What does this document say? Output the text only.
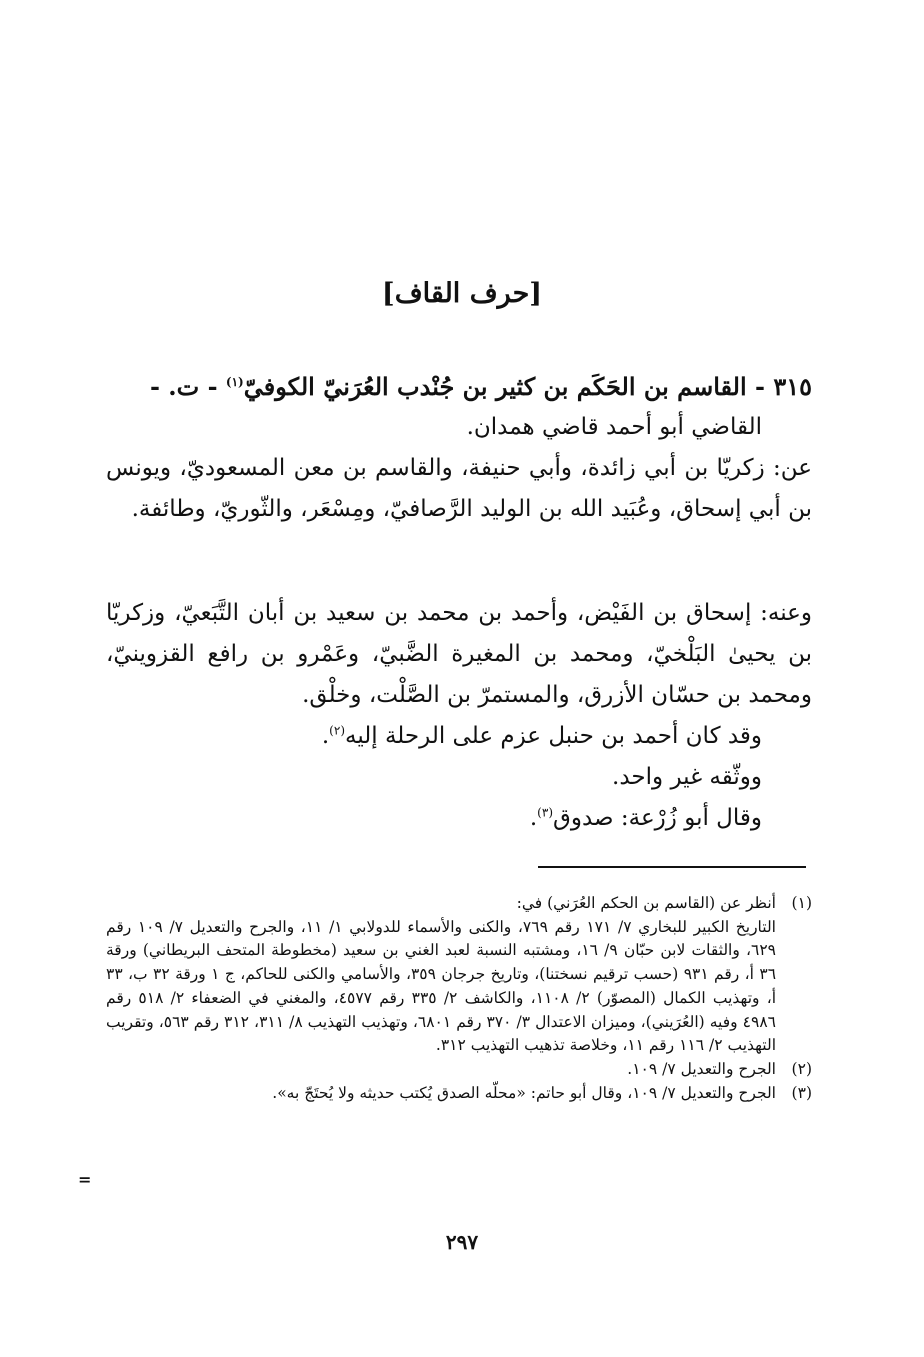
[حرف القاف]

٣١٥ - القاسم بن الحَكَم بن كثير بن جُنْدب العُرَنيّ الكوفيّ$^{(١)}$ - ت. -

القاضي أبو أحمد قاضي همدان.

عن: زكريّا بن أبي زائدة، وأبي حنيفة، والقاسم بن معن المسعوديّ، ويونس بن أبي إسحاق، وعُبَيد الله بن الوليد الرَّصافيّ، ومِسْعَر، والثّوريّ، وطائفة.

وعنه: إسحاق بن الفَيْض، وأحمد بن محمد بن سعيد بن أبان التَّبَعيّ، وزكريّا بن يحيىٰ البَلْخيّ، ومحمد بن المغيرة الضَّبيّ، وعَمْرو بن رافع القزوينيّ، ومحمد بن حسّان الأزرق، والمستمرّ بن الصَّلْت، وخلْق.

وقد كان أحمد بن حنبل عزم على الرحلة إليه$^{(٢)}$.

ووثّقه غير واحد.

وقال أبو زُرْعة: صدوق$^{(٣)}$.

(١)

أنظر عن (القاسم بن الحكم العُرَني) في:

التاريخ الكبير للبخاري ٧/ ١٧١ رقم ٧٦٩، والكنى والأسماء للدولابي ١/ ١١، والجرح والتعديل ٧/ ١٠٩ رقم ٦٢٩، والثقات لابن حبّان ٩/ ١٦، ومشتبه النسبة لعبد الغني بن سعيد (مخطوطة المتحف البريطاني) ورقة ٣٦ أ، رقم ٩٣١ (حسب ترقيم نسختنا)، وتاريخ جرجان ٣٥٩، والأسامي والكنى للحاكم، ج ١ ورقة ٣٢ ب، ٣٣ أ، وتهذيب الكمال (المصوّر) ٢/ ١١٠٨، والكاشف ٢/ ٣٣٥ رقم ٤٥٧٧، والمغني في الضعفاء ٢/ ٥١٨ رقم ٤٩٨٦ وفيه (العُرَيني)، وميزان الاعتدال ٣/ ٣٧٠ رقم ٦٨٠١، وتهذيب التهذيب ٨/ ٣١١، ٣١٢ رقم ٥٦٣، وتقريب التهذيب ٢/ ١١٦ رقم ١١، وخلاصة تذهيب التهذيب ٣١٢.

(٢)

الجرح والتعديل ٧/ ١٠٩.

(٣)

الجرح والتعديل ٧/ ١٠٩، وقال أبو حاتم: «محلّه الصدق يُكتب حديثه ولا يُحتَجّ به».

=
٢٩٧
